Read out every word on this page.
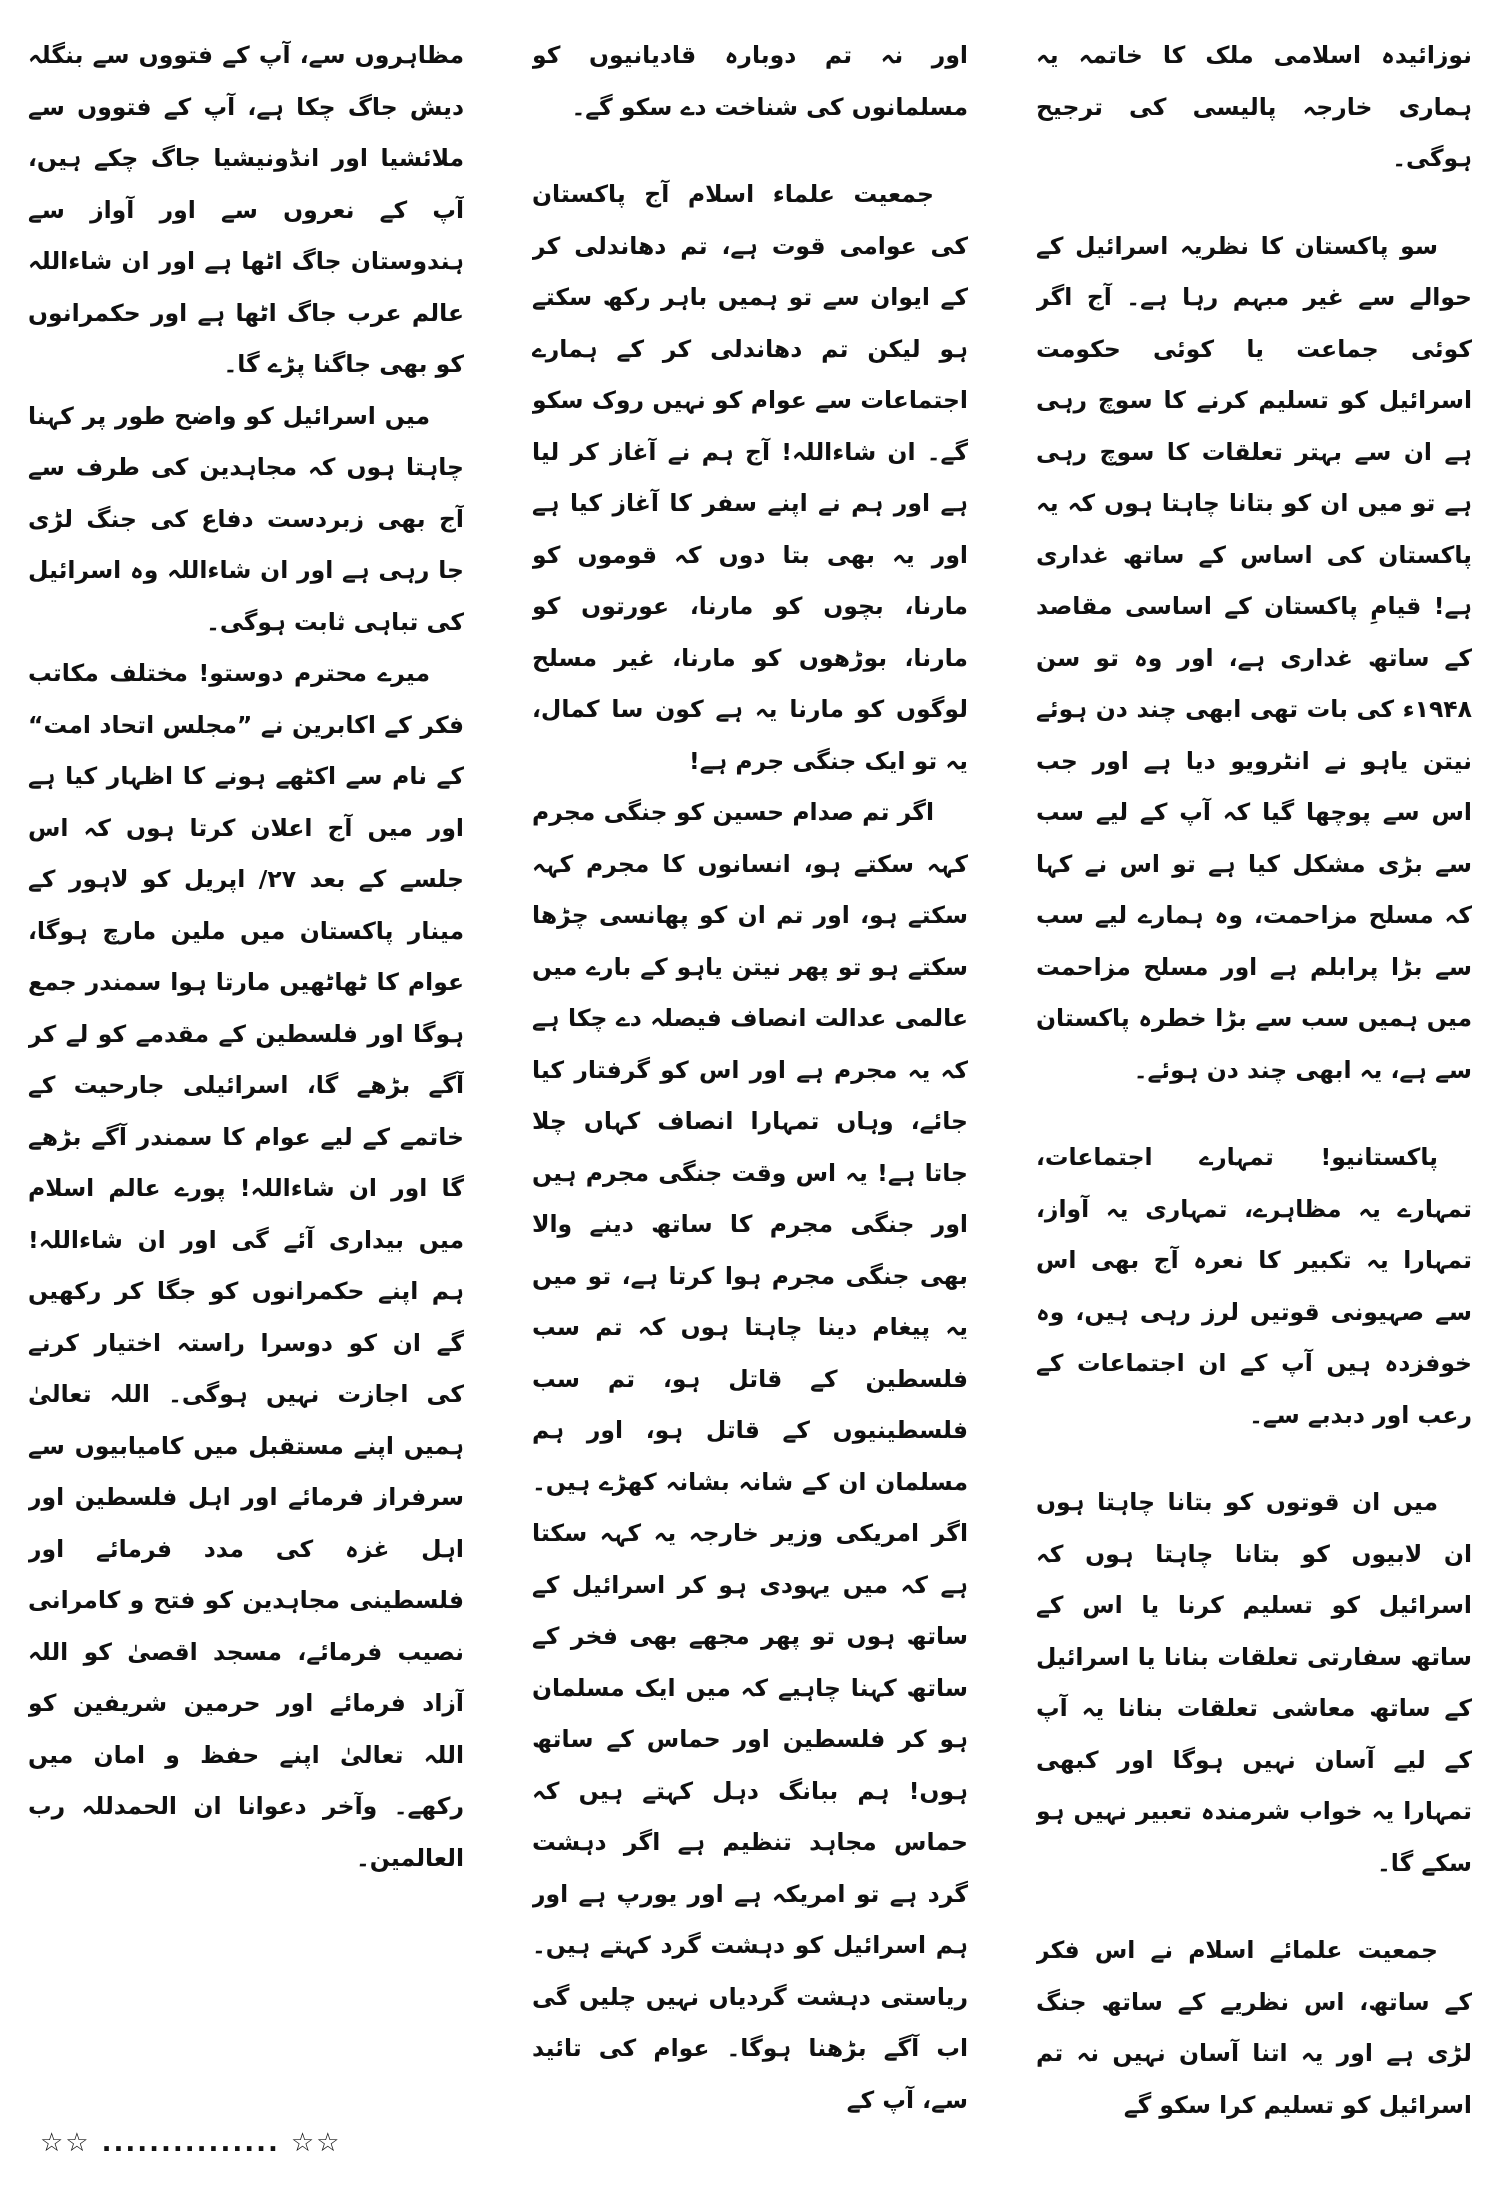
نوزائیدہ اسلامی ملک کا خاتمہ یہ ہماری خارجہ پالیسی کی ترجیح ہوگی۔

سو پاکستان کا نظریہ اسرائیل کے حوالے سے غیر مبہم رہا ہے۔ آج اگر کوئی جماعت یا کوئی حکومت اسرائیل کو تسلیم کرنے کا سوچ رہی ہے ان سے بہتر تعلقات کا سوچ رہی ہے تو میں ان کو بتانا چاہتا ہوں کہ یہ پاکستان کی اساس کے ساتھ غداری ہے! قیامِ پاکستان کے اساسی مقاصد کے ساتھ غداری ہے، اور وہ تو سن ۱۹۴۸ء کی بات تھی ابھی چند دن ہوئے نیتن یاہو نے انٹرویو دیا ہے اور جب اس سے پوچھا گیا کہ آپ کے لیے سب سے بڑی مشکل کیا ہے تو اس نے کہا کہ مسلح مزاحمت، وہ ہمارے لیے سب سے بڑا پرابلم ہے اور مسلح مزاحمت میں ہمیں سب سے بڑا خطرہ پاکستان سے ہے، یہ ابھی چند دن ہوئے۔

پاکستانیو! تمہارے اجتماعات، تمہارے یہ مظاہرے، تمہاری یہ آواز، تمہارا یہ تکبیر کا نعرہ آج بھی اس سے صہیونی قوتیں لرز رہی ہیں، وہ خوفزدہ ہیں آپ کے ان اجتماعات کے رعب اور دبدبے سے۔

میں ان قوتوں کو بتانا چاہتا ہوں ان لابیوں کو بتانا چاہتا ہوں کہ اسرائیل کو تسلیم کرنا یا اس کے ساتھ سفارتی تعلقات بنانا یا اسرائیل کے ساتھ معاشی تعلقات بنانا یہ آپ کے لیے آسان نہیں ہوگا اور کبھی تمہارا یہ خواب شرمندہ تعبیر نہیں ہو سکے گا۔

جمعیت علمائے اسلام نے اس فکر کے ساتھ، اس نظریے کے ساتھ جنگ لڑی ہے اور یہ اتنا آسان نہیں نہ تم اسرائیل کو تسلیم کرا سکو گے

اور نہ تم دوبارہ قادیانیوں کو مسلمانوں کی شناخت دے سکو گے۔

جمعیت علماء اسلام آج پاکستان کی عوامی قوت ہے، تم دھاندلی کر کے ایوان سے تو ہمیں باہر رکھ سکتے ہو لیکن تم دھاندلی کر کے ہمارے اجتماعات سے عوام کو نہیں روک سکو گے۔ ان شاءاللہ! آج ہم نے آغاز کر لیا ہے اور ہم نے اپنے سفر کا آغاز کیا ہے اور یہ بھی بتا دوں کہ قوموں کو مارنا، بچوں کو مارنا، عورتوں کو مارنا، بوڑھوں کو مارنا، غیر مسلح لوگوں کو مارنا یہ ہے کون سا کمال، یہ تو ایک جنگی جرم ہے!

اگر تم صدام حسین کو جنگی مجرم کہہ سکتے ہو، انسانوں کا مجرم کہہ سکتے ہو، اور تم ان کو پھانسی چڑھا سکتے ہو تو پھر نیتن یاہو کے بارے میں عالمی عدالت انصاف فیصلہ دے چکا ہے کہ یہ مجرم ہے اور اس کو گرفتار کیا جائے، وہاں تمہارا انصاف کہاں چلا جاتا ہے! یہ اس وقت جنگی مجرم ہیں اور جنگی مجرم کا ساتھ دینے والا بھی جنگی مجرم ہوا کرتا ہے، تو میں یہ پیغام دینا چاہتا ہوں کہ تم سب فلسطین کے قاتل ہو، تم سب فلسطینیوں کے قاتل ہو، اور ہم مسلمان ان کے شانہ بشانہ کھڑے ہیں۔ اگر امریکی وزیر خارجہ یہ کہہ سکتا ہے کہ میں یہودی ہو کر اسرائیل کے ساتھ ہوں تو پھر مجھے بھی فخر کے ساتھ کہنا چاہیے کہ میں ایک مسلمان ہو کر فلسطین اور حماس کے ساتھ ہوں! ہم ببانگ دہل کہتے ہیں کہ حماس مجاہد تنظیم ہے اگر دہشت گرد ہے تو امریکہ ہے اور یورپ ہے اور ہم اسرائیل کو دہشت گرد کہتے ہیں۔ ریاستی دہشت گردیاں نہیں چلیں گی اب آگے بڑھنا ہوگا۔ عوام کی تائید سے، آپ کے

مظاہروں سے، آپ کے فتووں سے بنگلہ دیش جاگ چکا ہے، آپ کے فتووں سے ملائشیا اور انڈونیشیا جاگ چکے ہیں، آپ کے نعروں سے اور آواز سے ہندوستان جاگ اٹھا ہے اور ان شاءاللہ عالم عرب جاگ اٹھا ہے اور حکمرانوں کو بھی جاگنا پڑے گا۔

میں اسرائیل کو واضح طور پر کہنا چاہتا ہوں کہ مجاہدین کی طرف سے آج بھی زبردست دفاع کی جنگ لڑی جا رہی ہے اور ان شاءاللہ وہ اسرائیل کی تباہی ثابت ہوگی۔

میرے محترم دوستو! مختلف مکاتب فکر کے اکابرین نے ”مجلس اتحاد امت“ کے نام سے اکٹھے ہونے کا اظہار کیا ہے اور میں آج اعلان کرتا ہوں کہ اس جلسے کے بعد ۲۷/ اپریل کو لاہور کے مینار پاکستان میں ملین مارچ ہوگا، عوام کا ٹھاٹھیں مارتا ہوا سمندر جمع ہوگا اور فلسطین کے مقدمے کو لے کر آگے بڑھے گا، اسرائیلی جارحیت کے خاتمے کے لیے عوام کا سمندر آگے بڑھے گا اور ان شاءاللہ! پورے عالم اسلام میں بیداری آئے گی اور ان شاءاللہ! ہم اپنے حکمرانوں کو جگا کر رکھیں گے ان کو دوسرا راستہ اختیار کرنے کی اجازت نہیں ہوگی۔ اللہ تعالیٰ ہمیں اپنے مستقبل میں کامیابیوں سے سرفراز فرمائے اور اہل فلسطین اور اہل غزہ کی مدد فرمائے اور فلسطینی مجاہدین کو فتح و کامرانی نصیب فرمائے، مسجد اقصیٰ کو اللہ آزاد فرمائے اور حرمین شریفین کو اللہ تعالیٰ اپنے حفظ و امان میں رکھے۔ وآخر دعوانا ان الحمدللہ رب العالمین۔

☆☆ ............... ☆☆
